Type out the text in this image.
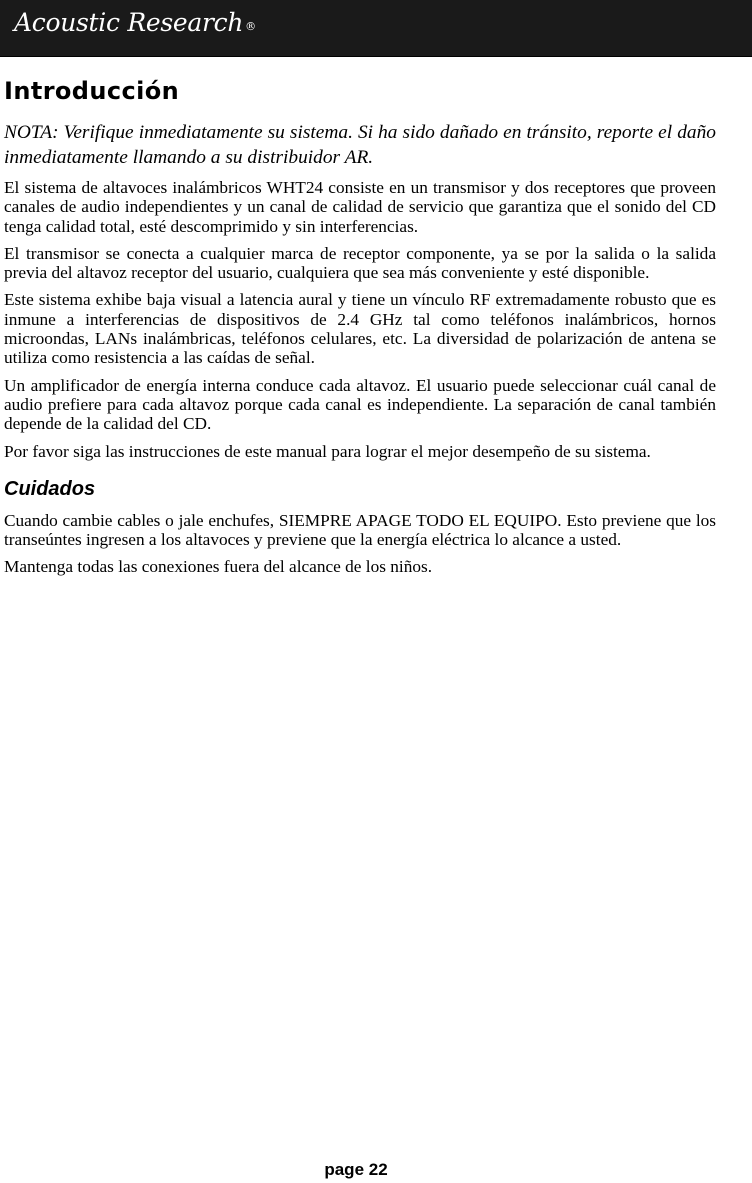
Acoustic Research ®
Introducción

NOTA: Verifique inmediatamente su sistema. Si ha sido dañado en tránsito, reporte el daño inmediatamente llamando a su distribuidor AR.

El sistema de altavoces inalámbricos WHT24 consiste en un transmisor y dos receptores que proveen canales de audio independientes y un canal de calidad de servicio que garantiza que el sonido del CD tenga calidad total, esté descomprimido y sin interferencias.

El transmisor se conecta a cualquier marca de receptor componente, ya se por la salida o la salida previa del altavoz receptor del usuario, cualquiera que sea más conveniente y esté disponible.

Este sistema exhibe baja visual a latencia aural y tiene un vínculo RF extremadamente robusto que es inmune a interferencias de dispositivos de 2.4 GHz tal como teléfonos inalámbricos, hornos microondas, LANs inalámbricas, teléfonos celulares, etc. La diversidad de polarización de antena se utiliza como resistencia a las caídas de señal.

Un amplificador de energía interna conduce cada altavoz. El usuario puede seleccionar cuál canal de audio prefiere para cada altavoz porque cada canal es independiente. La separación de canal también depende de la calidad del CD.

Por favor siga las instrucciones de este manual para lograr el mejor desempeño de su sistema.

Cuidados

Cuando cambie cables o jale enchufes, SIEMPRE APAGE TODO EL EQUIPO. Esto previene que los transeúntes ingresen a los altavoces y previene que la energía eléctrica lo alcance a usted.

Mantenga todas las conexiones fuera del alcance de los niños.

page 22
